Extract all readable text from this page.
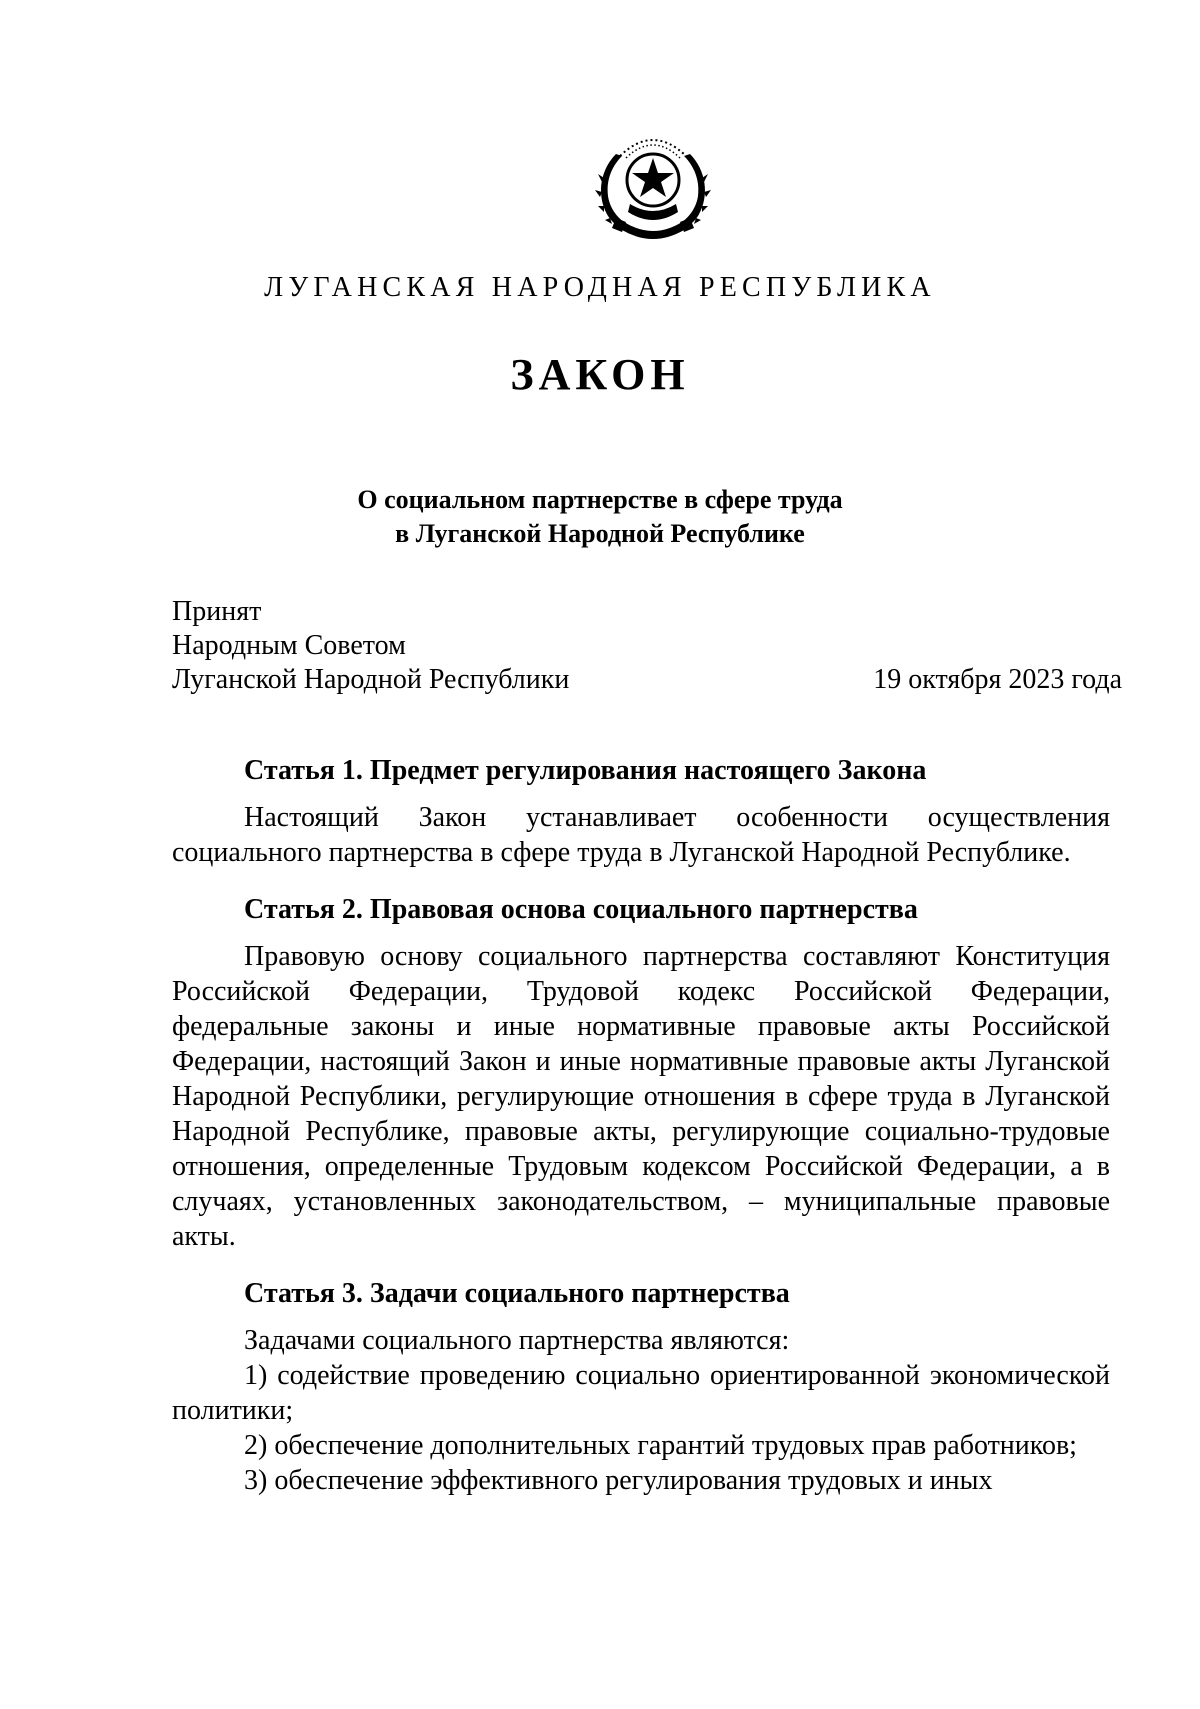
ЛУГАНСКАЯ НАРОДНАЯ РЕСПУБЛИКА
ЗАКОН
О социальном партнерстве в сфере труда
в Луганской Народной Республике
Принят
Народным Советом
Луганской Народной Республики	19 октября 2023 года
Статья 1. Предмет регулирования настоящего Закона

Настоящий Закон устанавливает особенности осуществления социального партнерства в сфере труда в Луганской Народной Республике.

Статья 2. Правовая основа социального партнерства

Правовую основу социального партнерства составляют Конституция Российской Федерации, Трудовой кодекс Российской Федерации, федеральные законы и иные нормативные правовые акты Российской Федерации, настоящий Закон и иные нормативные правовые акты Луганской Народной Республики, регулирующие отношения в сфере труда в Луганской Народной Республике, правовые акты, регулирующие социально-трудовые отношения, определенные Трудовым кодексом Российской Федерации, а в случаях, установленных законодательством, – муниципальные правовые акты.

Статья 3. Задачи социального партнерства

Задачами социального партнерства являются:

1) содействие проведению социально ориентированной экономической политики;

2) обеспечение дополнительных гарантий трудовых прав работников;

3) обеспечение эффективного регулирования трудовых и иных
